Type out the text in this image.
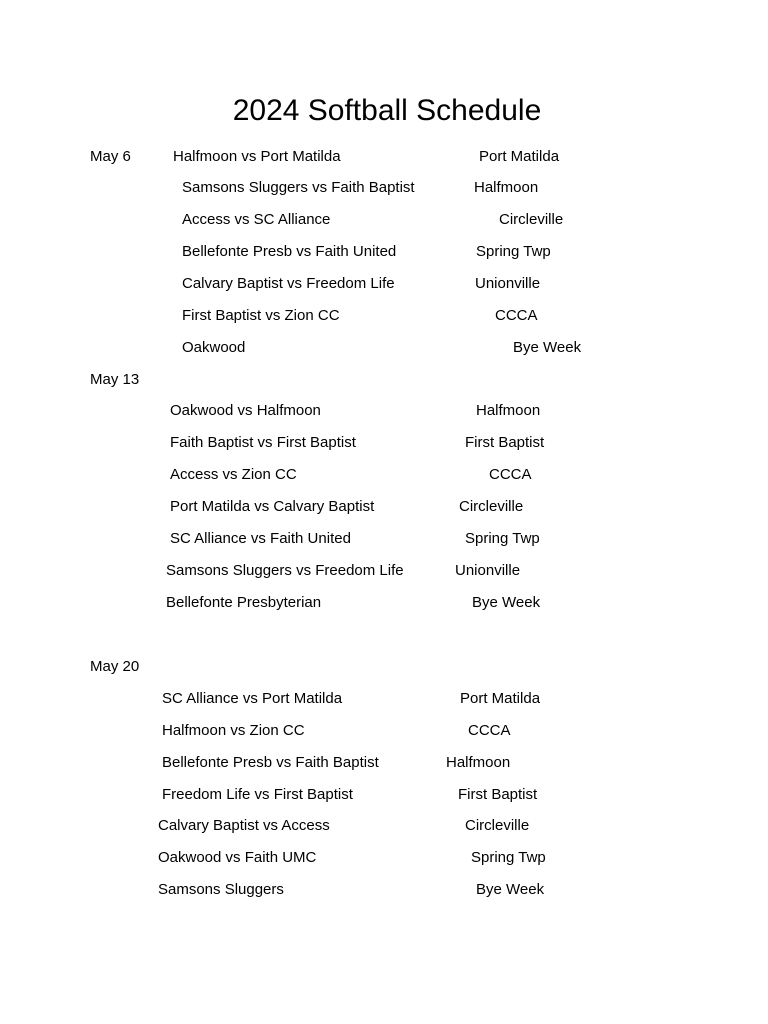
2024 Softball Schedule
May 6	Halfmoon vs Port Matilda	Port Matilda
Samsons Sluggers vs Faith Baptist	Halfmoon
Access vs SC Alliance	Circleville
Bellefonte Presb vs Faith United	Spring Twp
Calvary Baptist vs Freedom Life	Unionville
First Baptist vs Zion CC	CCCA
Oakwood	Bye Week
May 13
Oakwood vs Halfmoon	Halfmoon
Faith Baptist vs First Baptist	First Baptist
Access vs Zion CC	CCCA
Port Matilda vs Calvary Baptist	Circleville
SC Alliance vs Faith United	Spring Twp
Samsons Sluggers vs Freedom Life	Unionville
Bellefonte Presbyterian	Bye Week
May 20
SC Alliance vs Port Matilda	Port Matilda
Halfmoon vs Zion CC	CCCA
Bellefonte Presb vs Faith Baptist	Halfmoon
Freedom Life vs First Baptist	First Baptist
Calvary Baptist vs Access	Circleville
Oakwood vs Faith UMC	Spring Twp
Samsons Sluggers	Bye Week
